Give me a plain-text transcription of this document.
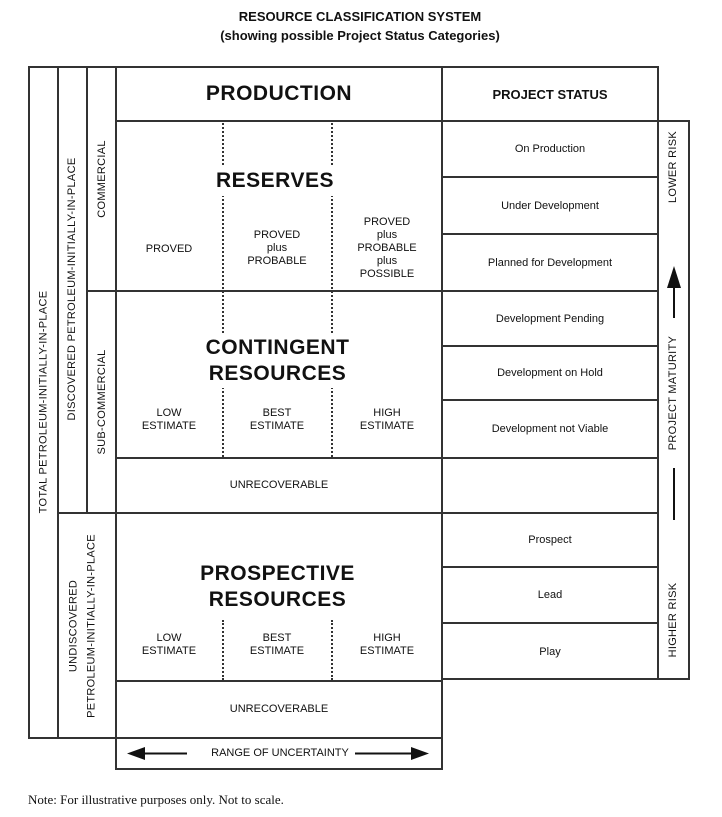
RESOURCE CLASSIFICATION SYSTEM
(showing possible Project Status Categories)
TOTAL PETROLEUM-INITIALLY-IN-PLACE DISCOVERED PETROLEUM-INITIALLY-IN-PLACE COMMERCIAL
SUB-COMMERCIAL
UNDISCOVERED PETROLEUM-INITIALLY-IN-PLACE
PRODUCTION
RESERVES
PROVED
PROVED
plus
PROBABLE
PROVED
plus
PROBABLE
plus
POSSIBLE
CONTINGENT
RESOURCES
LOW
ESTIMATE
BEST
ESTIMATE
HIGH
ESTIMATE
UNRECOVERABLE
PROSPECTIVE
RESOURCES
LOW
ESTIMATE
BEST
ESTIMATE
HIGH
ESTIMATE
UNRECOVERABLE
RANGE OF UNCERTAINTY
PROJECT STATUS
On Production
Under Development
Planned for Development
Development Pending
Development on Hold
Development not Viable
Prospect
Lead
Play
LOWER RISK
HIGHER RISK
PROJECT MATURITY
Note: For illustrative purposes only. Not to scale.
